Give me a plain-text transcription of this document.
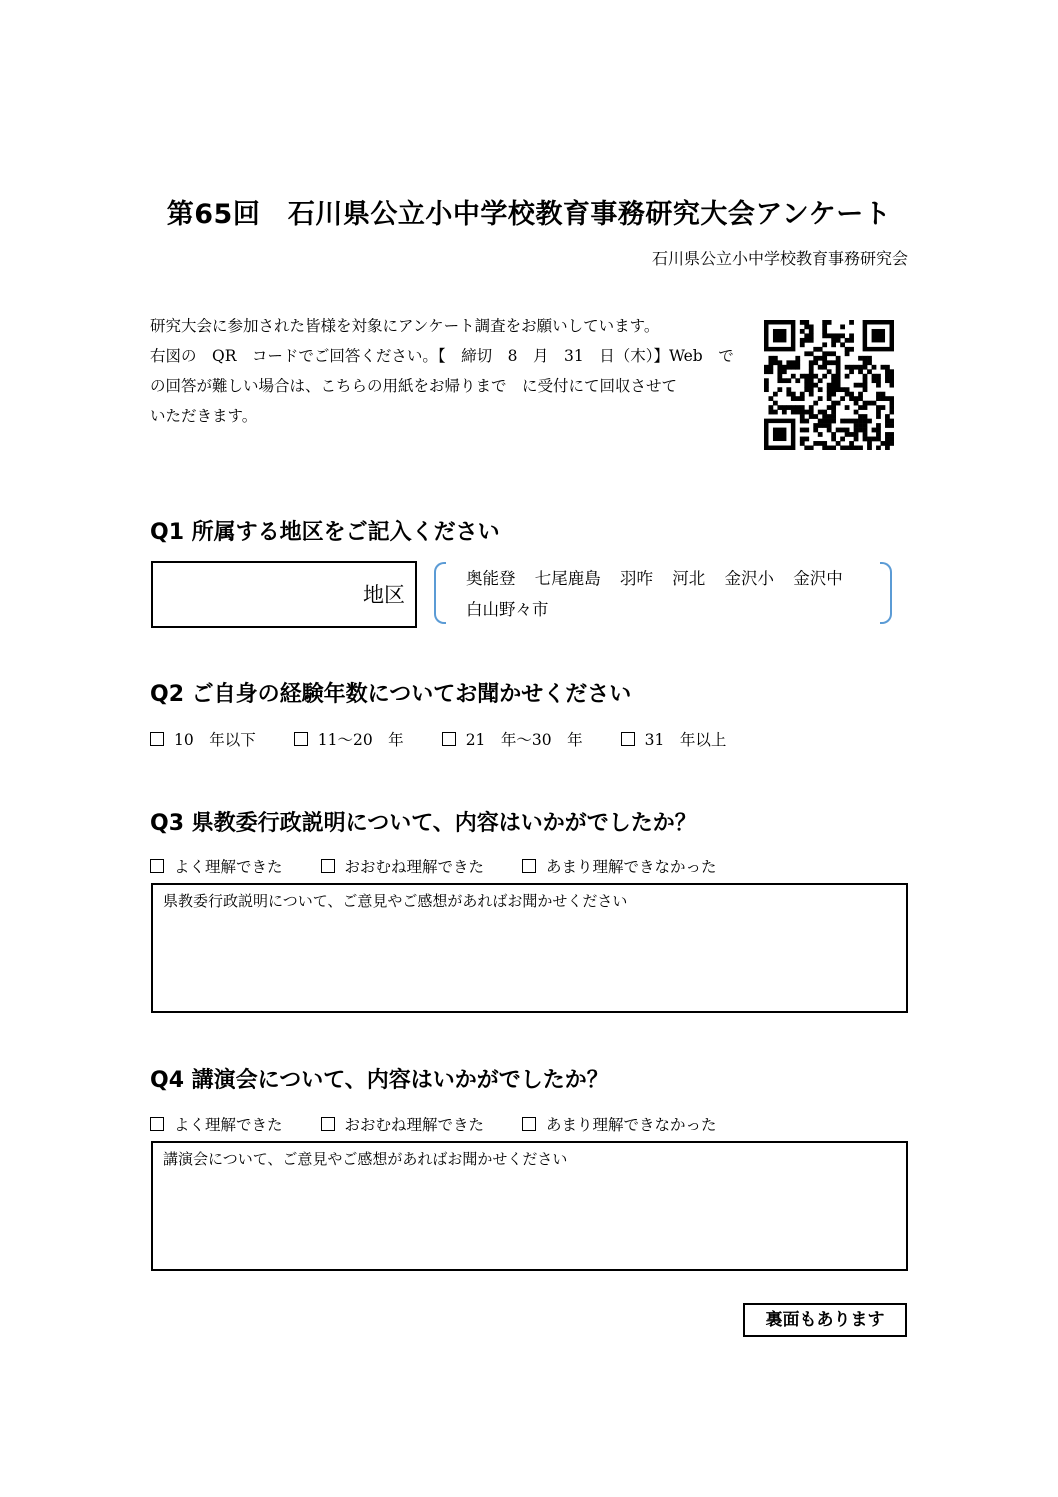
第65回　石川県公立小中学校教育事務研究大会アンケート
石川県公立小中学校教育事務研究会
研究大会に参加された皆様を対象にアンケート調査をお願いしています。
右図の　QR　コードでご回答ください。【　締切　8　月　31　日（木）】Web　で
の回答が難しい場合は、こちらの用紙をお帰りまで　に受付にて回収させて
いただきます。
Q1 所属する地区をご記入ください
地区
奥能登 七尾鹿島 羽咋 河北 金沢小 金沢中
白山野々市
Q2 ご自身の経験年数についてお聞かせください
10　年以下	11～20　年	21　年～30　年	31　年以上
Q3 県教委行政説明について、内容はいかがでしたか？
よく理解できた	おおむね理解できた	あまり理解できなかった
県教委行政説明について、ご意見やご感想があればお聞かせください
Q4 講演会について、内容はいかがでしたか？
よく理解できた	おおむね理解できた	あまり理解できなかった
講演会について、ご意見やご感想があればお聞かせください
裏面もあります
